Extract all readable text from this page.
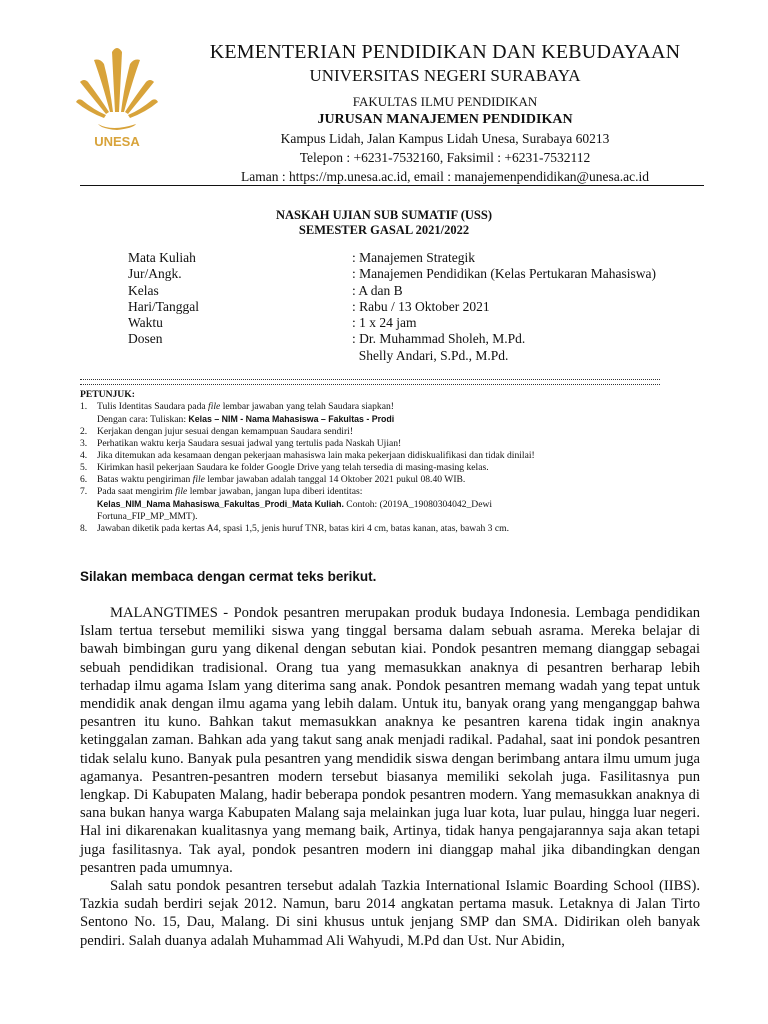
UNESA
KEMENTERIAN PENDIDIKAN DAN KEBUDAYAAN
UNIVERSITAS NEGERI SURABAYA
FAKULTAS ILMU PENDIDIKAN
JURUSAN MANAJEMEN PENDIDIKAN
Kampus Lidah, Jalan Kampus Lidah Unesa, Surabaya 60213
Telepon : +6231-7532160, Faksimil : +6231-7532112
Laman : https://mp.unesa.ac.id, email : manajemenpendidikan@unesa.ac.id
NASKAH UJIAN SUB SUMATIF (USS)
SEMESTER GASAL 2021/2022
Mata Kuliah	: Manajemen Strategik
Jur/Angk.	: Manajemen Pendidikan (Kelas Pertukaran Mahasiswa)
Kelas	: A dan B
Hari/Tanggal	: Rabu / 13 Oktober 2021
Waktu	: 1 x 24 jam
Dosen	: Dr. Muhammad Sholeh, M.Pd.
Shelly Andari, S.Pd., M.Pd.
PETUNJUK:
1.	Tulis Identitas Saudara pada file lembar jawaban yang telah Saudara siapkan!
Dengan cara: Tuliskan: Kelas – NIM - Nama Mahasiswa – Fakultas - Prodi
2.	Kerjakan dengan jujur sesuai dengan kemampuan Saudara sendiri!
3.	Perhatikan waktu kerja Saudara sesuai jadwal yang tertulis pada Naskah Ujian!
4.	Jika ditemukan ada kesamaan dengan pekerjaan mahasiswa lain maka pekerjaan didiskualifikasi dan tidak dinilai!
5.	Kirimkan hasil pekerjaan Saudara ke folder Google Drive yang telah tersedia di masing-masing kelas.
6.	Batas waktu pengiriman file lembar jawaban adalah tanggal 14 Oktober 2021 pukul 08.40 WIB.
7.	Pada saat mengirim file lembar jawaban, jangan lupa diberi identitas:
Kelas_NIM_Nama Mahasiswa_Fakultas_Prodi_Mata Kuliah. Contoh: (2019A_19080304042_Dewi
Fortuna_FIP_MP_MMT).
8.	Jawaban diketik pada kertas A4, spasi 1,5, jenis huruf TNR, batas kiri 4 cm, batas kanan, atas, bawah 3 cm.
Silakan membaca dengan cermat teks berikut.

MALANGTIMES - Pondok pesantren merupakan produk budaya Indonesia. Lembaga pendidikan Islam tertua tersebut memiliki siswa yang tinggal bersama dalam sebuah asrama. Mereka belajar di bawah bimbingan guru yang dikenal dengan sebutan kiai. Pondok pesantren memang dianggap sebagai sebuah pendidikan tradisional. Orang tua yang memasukkan anaknya di pesantren berharap lebih terhadap ilmu agama Islam yang diterima sang anak. Pondok pesantren memang wadah yang tepat untuk mendidik anak dengan ilmu agama yang lebih dalam. Untuk itu, banyak orang yang menganggap bahwa pesantren itu kuno. Bahkan takut memasukkan anaknya ke pesantren karena tidak ingin anaknya ketinggalan zaman. Bahkan ada yang takut sang anak menjadi radikal. Padahal, saat ini pondok pesantren tidak selalu kuno. Banyak pula pesantren yang mendidik siswa dengan berimbang antara ilmu umum juga agamanya. Pesantren-pesantren modern tersebut biasanya memiliki sekolah juga. Fasilitasnya pun lengkap. Di Kabupaten Malang, hadir beberapa pondok pesantren modern. Yang memasukkan anaknya di sana bukan hanya warga Kabupaten Malang saja melainkan juga luar kota, luar pulau, hingga luar negeri. Hal ini dikarenakan kualitasnya yang memang baik, Artinya, tidak hanya pengajarannya saja akan tetapi juga fasilitasnya. Tak ayal, pondok pesantren modern ini dianggap mahal jika dibandingkan dengan pesantren pada umumnya.

Salah satu pondok pesantren tersebut adalah Tazkia International Islamic Boarding School (IIBS). Tazkia sudah berdiri sejak 2012. Namun, baru 2014 angkatan pertama masuk. Letaknya di Jalan Tirto Sentono No. 15, Dau, Malang. Di sini khusus untuk jenjang SMP dan SMA. Didirikan oleh banyak pendiri. Salah duanya adalah Muhammad Ali Wahyudi, M.Pd dan Ust. Nur Abidin,
